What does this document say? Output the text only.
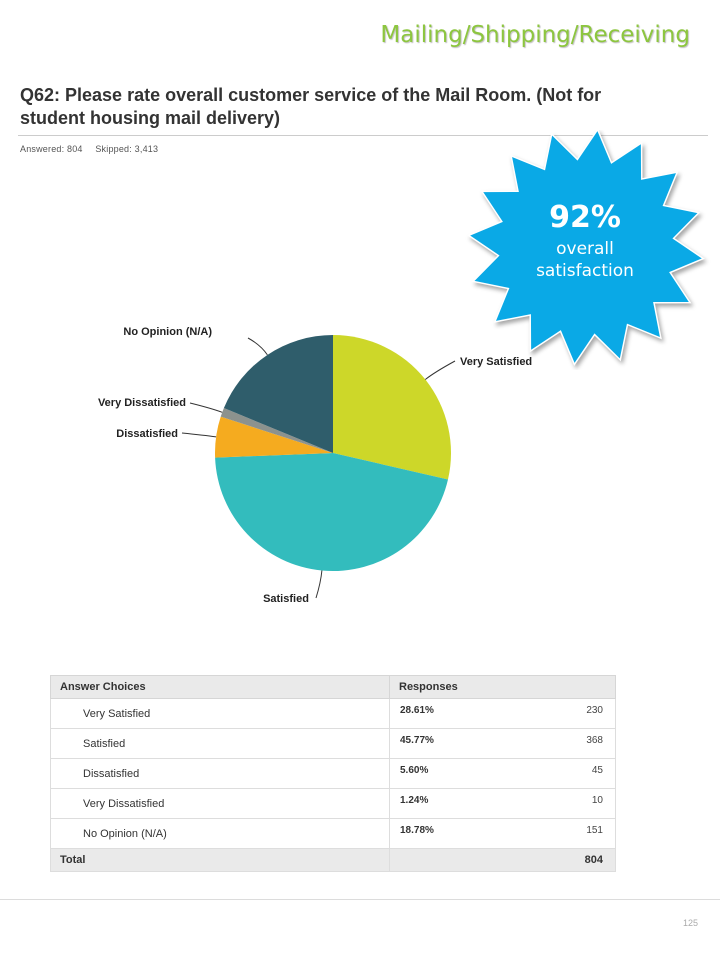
Mailing/Shipping/Receiving
Q62: Please rate overall customer service of the Mail Room. (Not for student housing mail delivery)
Answered: 804 Skipped: 3,413
92%
overall
satisfaction
Very Satisfied
Satisfied
Dissatisfied
Very Dissatisfied
No Opinion (N/A)
Answer Choices	Responses
Very Satisfied	28.61% 230

Satisfied	45.77% 368

Dissatisfied	5.60% 45

Very Dissatisfied	1.24% 10

No Opinion (N/A)	18.78% 151

Total	804
125
